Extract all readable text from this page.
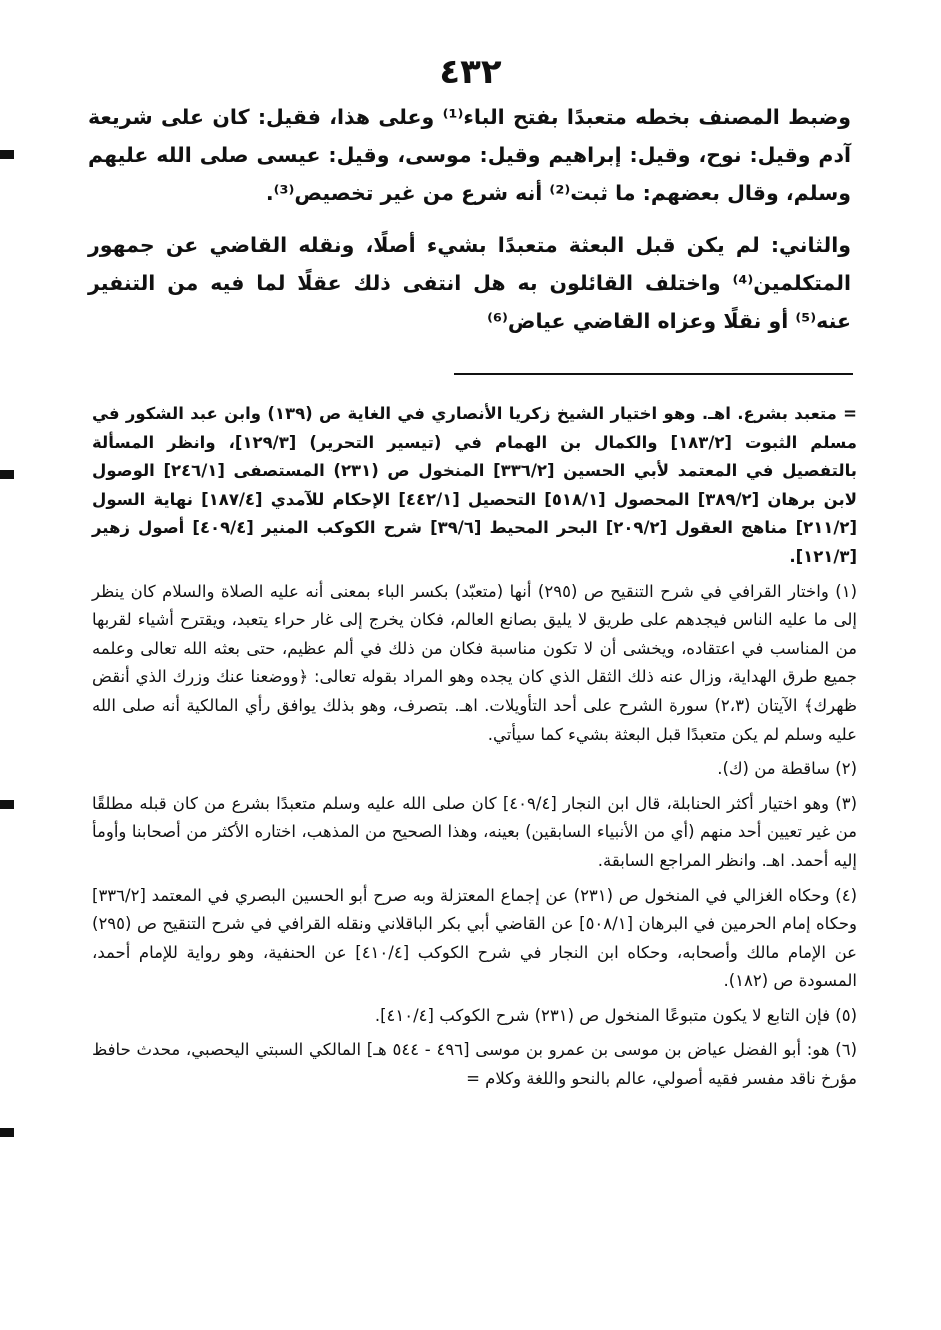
٤٣٢

وضبط المصنف بخطه متعبدًا بفتح الباء⁽¹⁾ وعلى هذا، فقيل: كان على شريعة آدم وقيل: نوح، وقيل: إبراهيم وقيل: موسى، وقيل: عيسى صلى الله عليهم وسلم، وقال بعضهم: ما ثبت⁽²⁾ أنه شرع من غير تخصيص⁽³⁾.

والثاني: لم يكن قبل البعثة متعبدًا بشيء أصلًا، ونقله القاضي عن جمهور المتكلمين⁽⁴⁾ واختلف القائلون به هل انتفى ذلك عقلًا لما فيه من التنفير عنه⁽⁵⁾ أو نقلًا وعزاه القاضي عياض⁽⁶⁾

= متعبد بشرع. اهـ. وهو اختيار الشيخ زكريا الأنصاري في الغاية ص (١٣٩) وابن عبد الشكور في مسلم الثبوت [١٨٣/٢] والكمال بن الهمام في (تيسير التحرير) [١٢٩/٣]، وانظر المسألة بالتفصيل في المعتمد لأبي الحسين [٣٣٦/٢] المنخول ص (٢٣١) المستصفى [٢٤٦/١] الوصول لابن برهان [٣٨٩/٢] المحصول [٥١٨/١] التحصيل [٤٤٢/١] الإحكام للآمدي [١٨٧/٤] نهاية السول [٢١١/٢] مناهج العقول [٢٠٩/٢] البحر المحيط [٣٩/٦] شرح الكوكب المنير [٤٠٩/٤] أصول زهير [١٢١/٣].
(١) واختار القرافي في شرح التنقيح ص (٢٩٥) أنها (متعبّد) بكسر الباء بمعنى أنه عليه الصلاة والسلام كان ينظر إلى ما عليه الناس فيجدهم على طريق لا يليق بصانع العالم، فكان يخرج إلى غار حراء يتعبد، ويقترح أشياء لقربها من المناسب في اعتقاده، ويخشى أن لا تكون مناسبة فكان من ذلك في ألم عظيم، حتى بعثه الله تعالى وعلمه جميع طرق الهداية، وزال عنه ذلك الثقل الذي كان يجده وهو المراد بقوله تعالى: ﴿ووضعنا عنك وزرك الذي أنقض ظهرك﴾ الآيتان (٢،٣) سورة الشرح على أحد التأويلات. اهـ. بتصرف، وهو بذلك يوافق رأي المالكية أنه صلى الله عليه وسلم لم يكن متعبدًا قبل البعثة بشيء كما سيأتي.
(٢) ساقطة من (ك).
(٣) وهو اختيار أكثر الحنابلة، قال ابن النجار [٤٠٩/٤] كان صلى الله عليه وسلم متعبدًا بشرع من كان قبله مطلقًا من غير تعيين أحد منهم (أي من الأنبياء السابقين) بعينه، وهذا الصحيح من المذهب، اختاره الأكثر من أصحابنا وأومأ إليه أحمد. اهـ. وانظر المراجع السابقة.
(٤) وحكاه الغزالي في المنخول ص (٢٣١) عن إجماع المعتزلة وبه صرح أبو الحسين البصري في المعتمد [٣٣٦/٢] وحكاه إمام الحرمين في البرهان [٥٠٨/١] عن القاضي أبي بكر الباقلاني ونقله القرافي في شرح التنقيح ص (٢٩٥) عن الإمام مالك وأصحابه، وحكاه ابن النجار في شرح الكوكب [٤١٠/٤] عن الحنفية، وهو رواية للإمام أحمد، المسودة ص (١٨٢).
(٥) فإن التابع لا يكون متبوعًا المنخول ص (٢٣١) شرح الكوكب [٤١٠/٤].
(٦) هو: أبو الفضل عياض بن موسى بن عمرو بن موسى [٤٩٦ - ٥٤٤ هـ] المالكي السبتي اليحصبي، محدث حافظ مؤرخ ناقد مفسر فقيه أصولي، عالم بالنحو واللغة وكلام =
